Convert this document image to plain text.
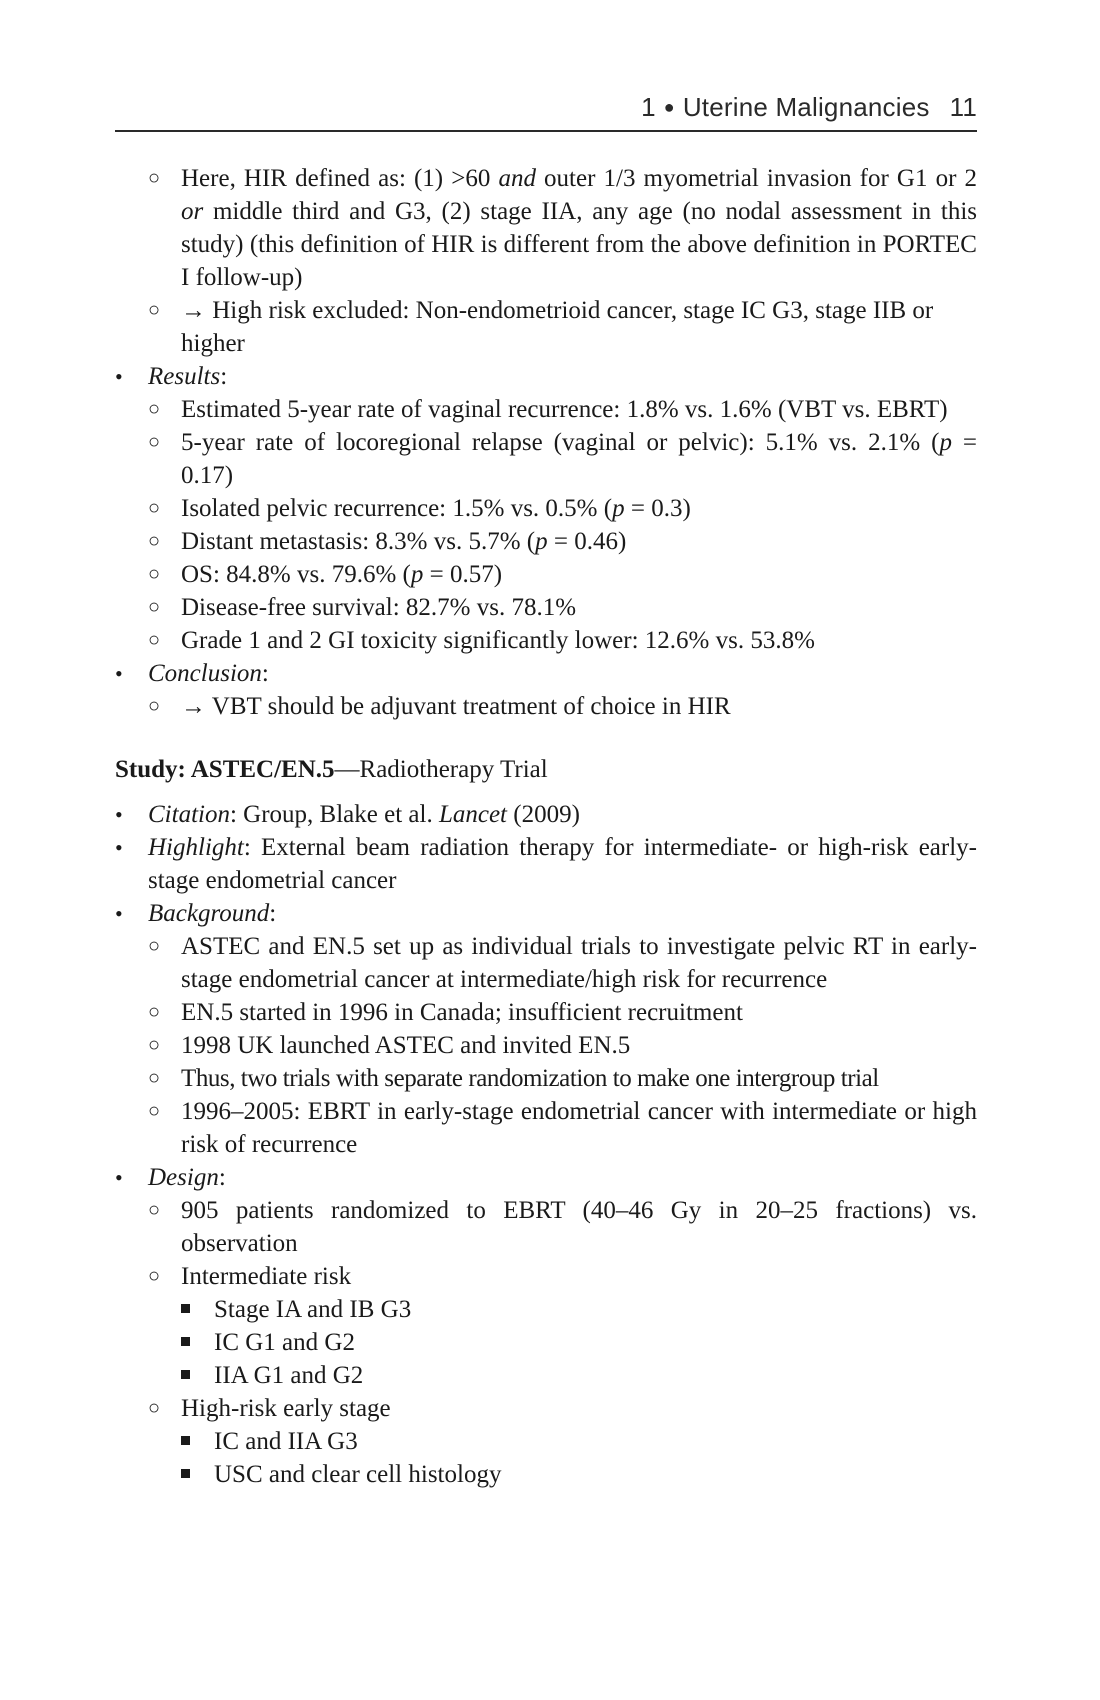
1 ● Uterine Malignancies 11
○ Here, HIR defined as: (1) >60 and outer 1/3 myometrial invasion for G1 or 2 or middle third and G3, (2) stage IIA, any age (no nodal assessment in this study) (this definition of HIR is different from the above definition in PORTEC I follow-up)
○ → High risk excluded: Non-endometrioid cancer, stage IC G3, stage IIB or higher
• Results:
○ Estimated 5-year rate of vaginal recurrence: 1.8% vs. 1.6% (VBT vs. EBRT)
○ 5-year rate of locoregional relapse (vaginal or pelvic): 5.1% vs. 2.1% (p = 0.17)
○ Isolated pelvic recurrence: 1.5% vs. 0.5% (p = 0.3)
○ Distant metastasis: 8.3% vs. 5.7% (p = 0.46)
○ OS: 84.8% vs. 79.6% (p = 0.57)
○ Disease-free survival: 82.7% vs. 78.1%
○ Grade 1 and 2 GI toxicity significantly lower: 12.6% vs. 53.8%
• Conclusion:
○ → VBT should be adjuvant treatment of choice in HIR
Study: ASTEC/EN.5—Radiotherapy Trial
• Citation: Group, Blake et al. Lancet (2009)
• Highlight: External beam radiation therapy for intermediate- or high-risk early-stage endometrial cancer
• Background:
○ ASTEC and EN.5 set up as individual trials to investigate pelvic RT in early-stage endometrial cancer at intermediate/high risk for recurrence
○ EN.5 started in 1996 in Canada; insufficient recruitment
○ 1998 UK launched ASTEC and invited EN.5
○ Thus, two trials with separate randomization to make one intergroup trial
○ 1996–2005: EBRT in early-stage endometrial cancer with intermediate or high risk of recurrence
• Design:
○ 905 patients randomized to EBRT (40–46 Gy in 20–25 fractions) vs. observation
○ Intermediate risk
Stage IA and IB G3
IC G1 and G2
IIA G1 and G2
○ High-risk early stage
IC and IIA G3
USC and clear cell histology
